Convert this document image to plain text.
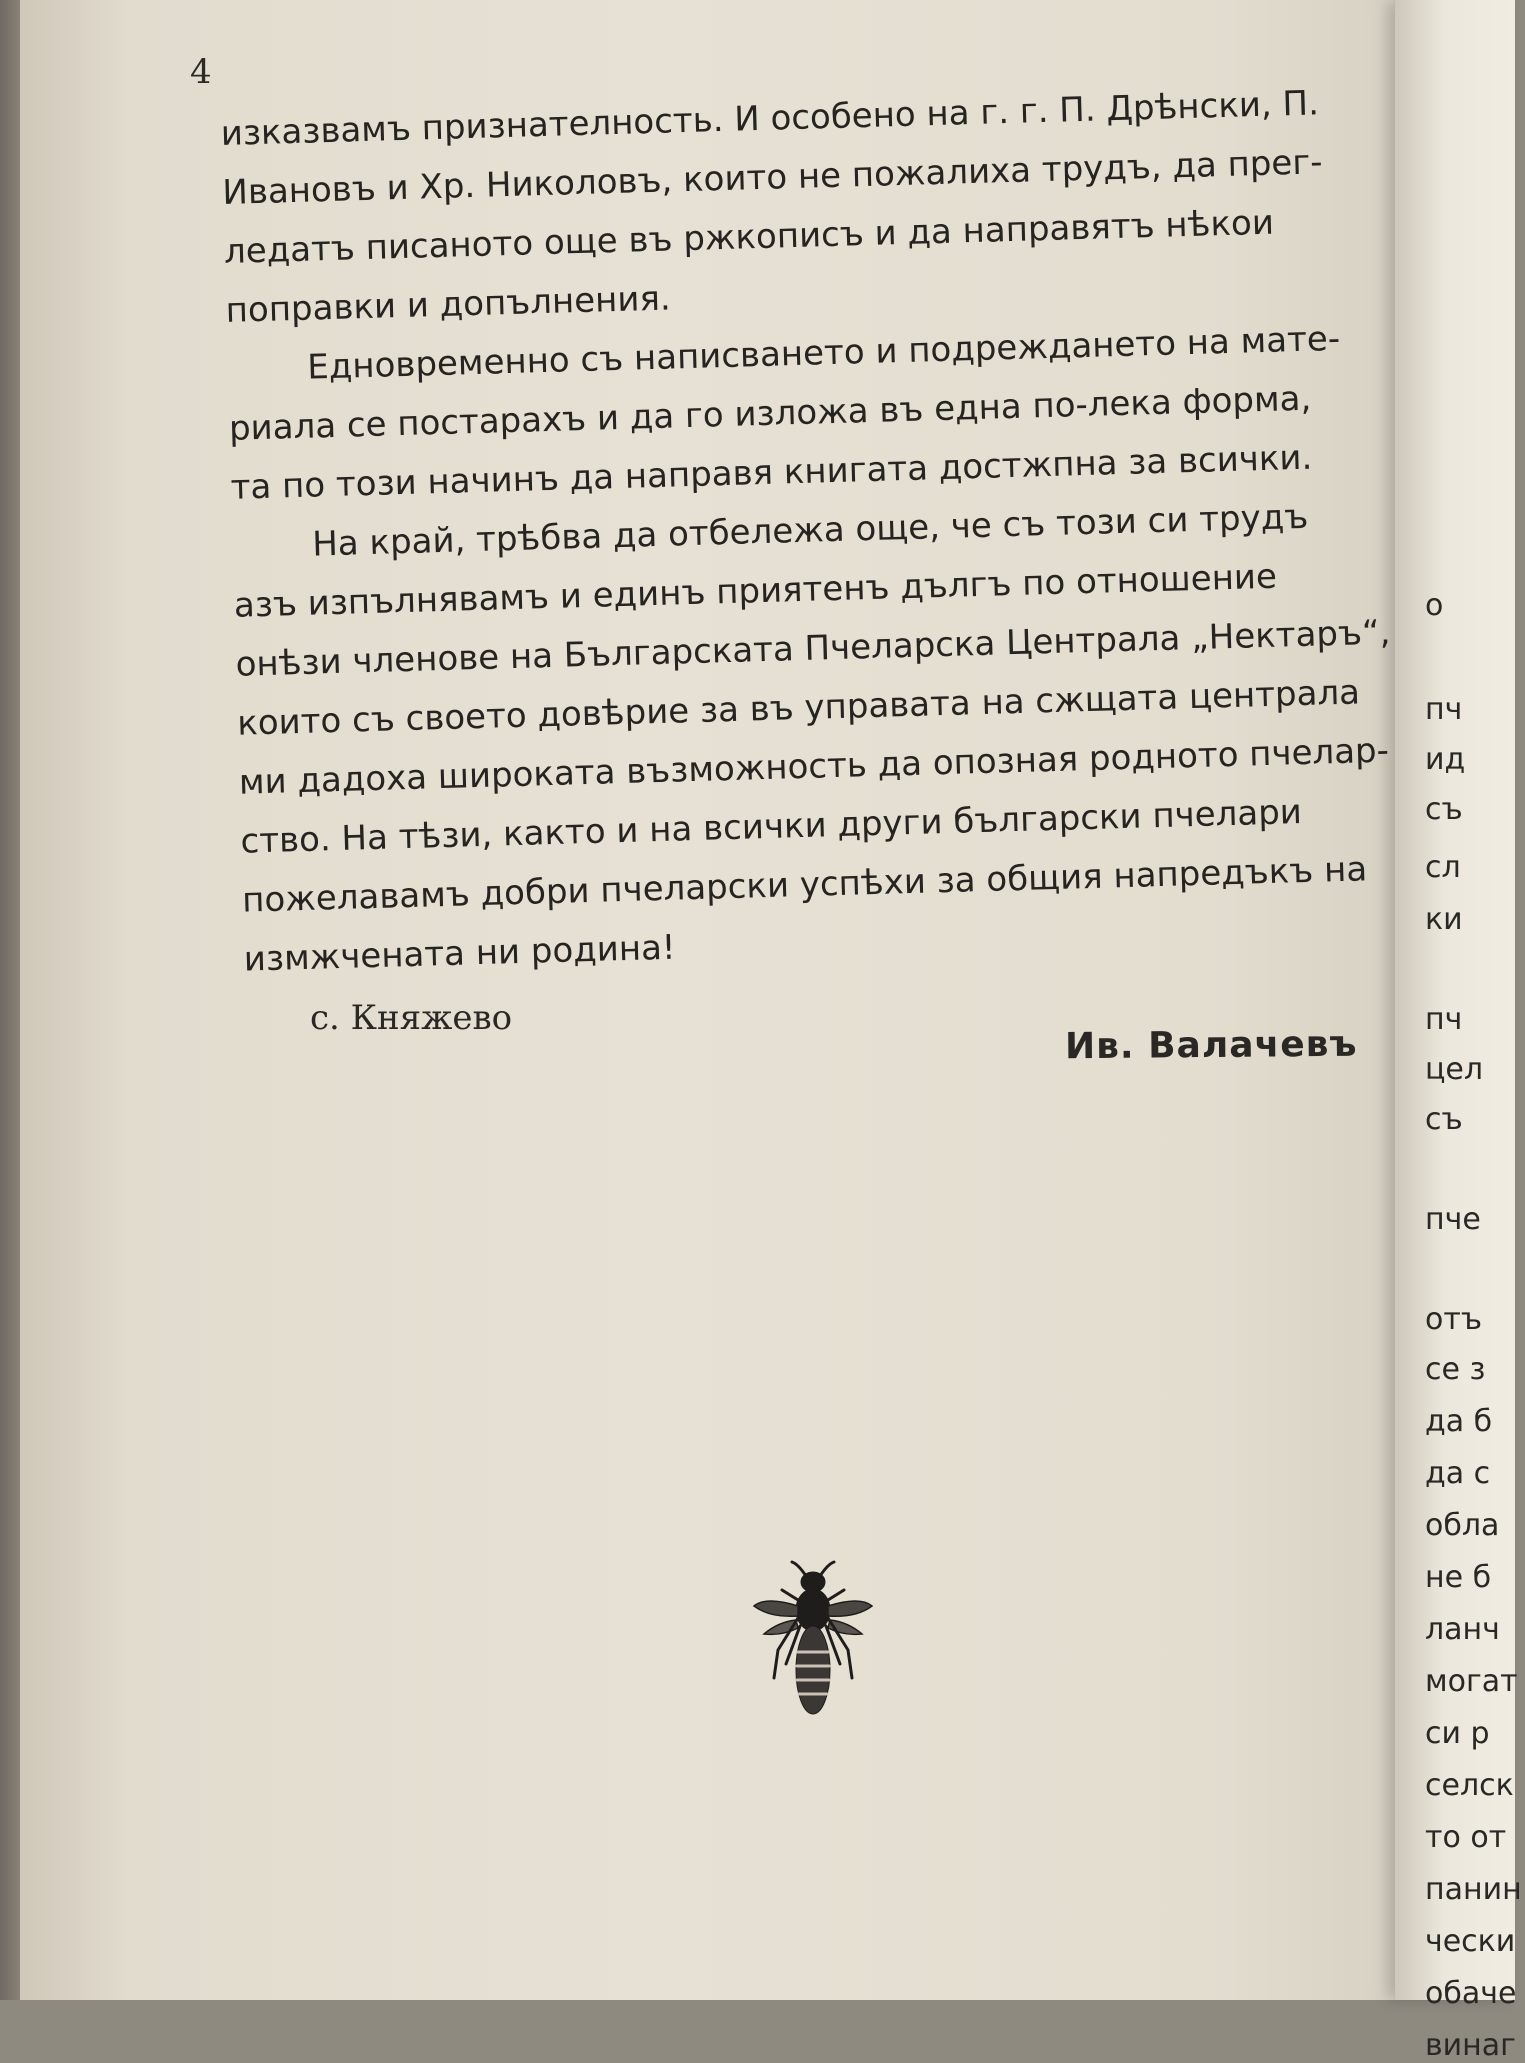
4
изказвамъ признателность. И особено на г. г. П. Дрѣнски, П.
Ивановъ и Хр. Николовъ, които не пожалиха трудъ, да прег-
ледатъ писаното още въ ржкописъ и да направятъ нѣкои
поправки и допълнения.
Едновременно съ написването и подреждането на мате-
риала се постарахъ и да го изложа въ една по-лека форма,
та по този начинъ да направя книгата достжпна за всички.
На край, трѣбва да отбележа още, че съ този си трудъ
азъ изпълнявамъ и единъ приятенъ дългъ по отношение
онѣзи членове на Българската Пчеларска Централа „Нектаръ“,
които съ своето довѣрие за въ управата на сжщата централа
ми дадоха широката възможность да опозная родното пчелар-
ство. На тѣзи, както и на всички други български пчелари
пожелавамъ добри пчеларски успѣхи за общия напредъкъ на
измжчената ни родина!
с. Княжево
Ив. Валачевъ
о
пч
ид
съ
сл
ки
пч
цел
съ
пче
отъ
се з
да б
да с
обла
не б
ланч
могат
си р
селск
то от
панин
чески
обаче
винаг
